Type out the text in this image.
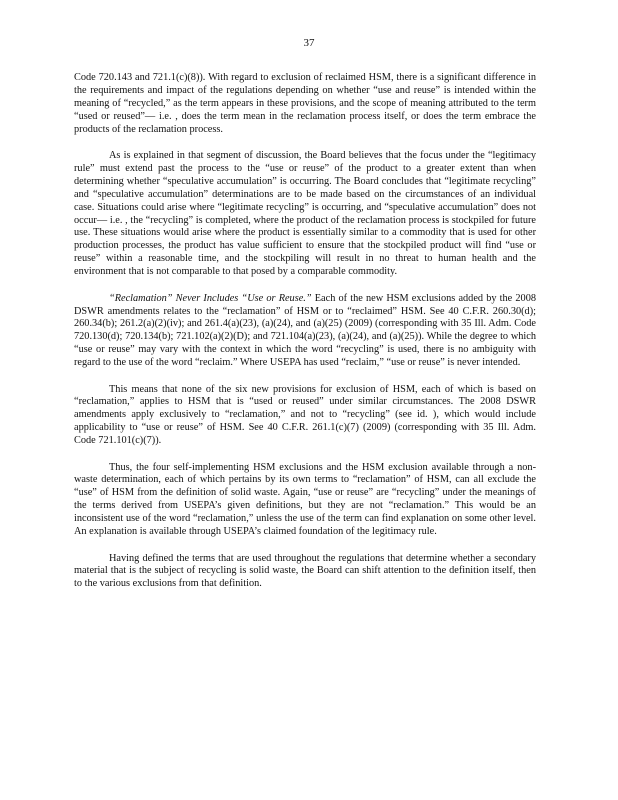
37

Code 720.143 and 721.1(c)(8)). With regard to exclusion of reclaimed HSM, there is a significant difference in the requirements and impact of the regulations depending on whether “use and reuse” is intended within the meaning of “recycled,” as the term appears in these provisions, and the scope of meaning attributed to the term “used or reused”— i.e. , does the term mean in the reclamation process itself, or does the term embrace the products of the reclamation process.

As is explained in that segment of discussion, the Board believes that the focus under the “legitimacy rule” must extend past the process to the “use or reuse” of the product to a greater extent than when determining whether “speculative accumulation” is occurring. The Board concludes that “legitimate recycling” and “speculative accumulation” determinations are to be made based on the circumstances of an individual case. Situations could arise where “legitimate recycling” is occurring, and “speculative accumulation” does not occur— i.e. , the “recycling” is completed, where the product of the reclamation process is stockpiled for future use. These situations would arise where the product is essentially similar to a commodity that is used for other production processes, the product has value sufficient to ensure that the stockpiled product will find “use or reuse” within a reasonable time, and the stockpiling will result in no threat to human health and the environment that is not comparable to that posed by a comparable commodity.

“Reclamation” Never Includes “Use or Reuse.” Each of the new HSM exclusions added by the 2008 DSWR amendments relates to the “reclamation” of HSM or to “reclaimed” HSM. See 40 C.F.R. 260.30(d); 260.34(b); 261.2(a)(2)(iv); and 261.4(a)(23), (a)(24), and (a)(25) (2009) (corresponding with 35 Ill. Adm. Code 720.130(d); 720.134(b); 721.102(a)(2)(D); and 721.104(a)(23), (a)(24), and (a)(25)). While the degree to which “use or reuse” may vary with the context in which the word “recycling” is used, there is no ambiguity with regard to the use of the word “reclaim.” Where USEPA has used “reclaim,” “use or reuse” is never intended.

This means that none of the six new provisions for exclusion of HSM, each of which is based on “reclamation,” applies to HSM that is “used or reused” under similar circumstances. The 2008 DSWR amendments apply exclusively to “reclamation,” and not to “recycling” (see id. ), which would include applicability to “use or reuse” of HSM. See 40 C.F.R. 261.1(c)(7) (2009) (corresponding with 35 Ill. Adm. Code 721.101(c)(7)).

Thus, the four self-implementing HSM exclusions and the HSM exclusion available through a non-waste determination, each of which pertains by its own terms to “reclamation” of HSM, can all exclude the “use” of HSM from the definition of solid waste. Again, “use or reuse” are “recycling” under the meanings of the terms derived from USEPA’s given definitions, but they are not “reclamation.” This would be an inconsistent use of the word “reclamation,” unless the use of the term can find explanation on some other level. An explanation is available through USEPA’s claimed foundation of the legitimacy rule.

Having defined the terms that are used throughout the regulations that determine whether a secondary material that is the subject of recycling is solid waste, the Board can shift attention to the definition itself, then to the various exclusions from that definition.
